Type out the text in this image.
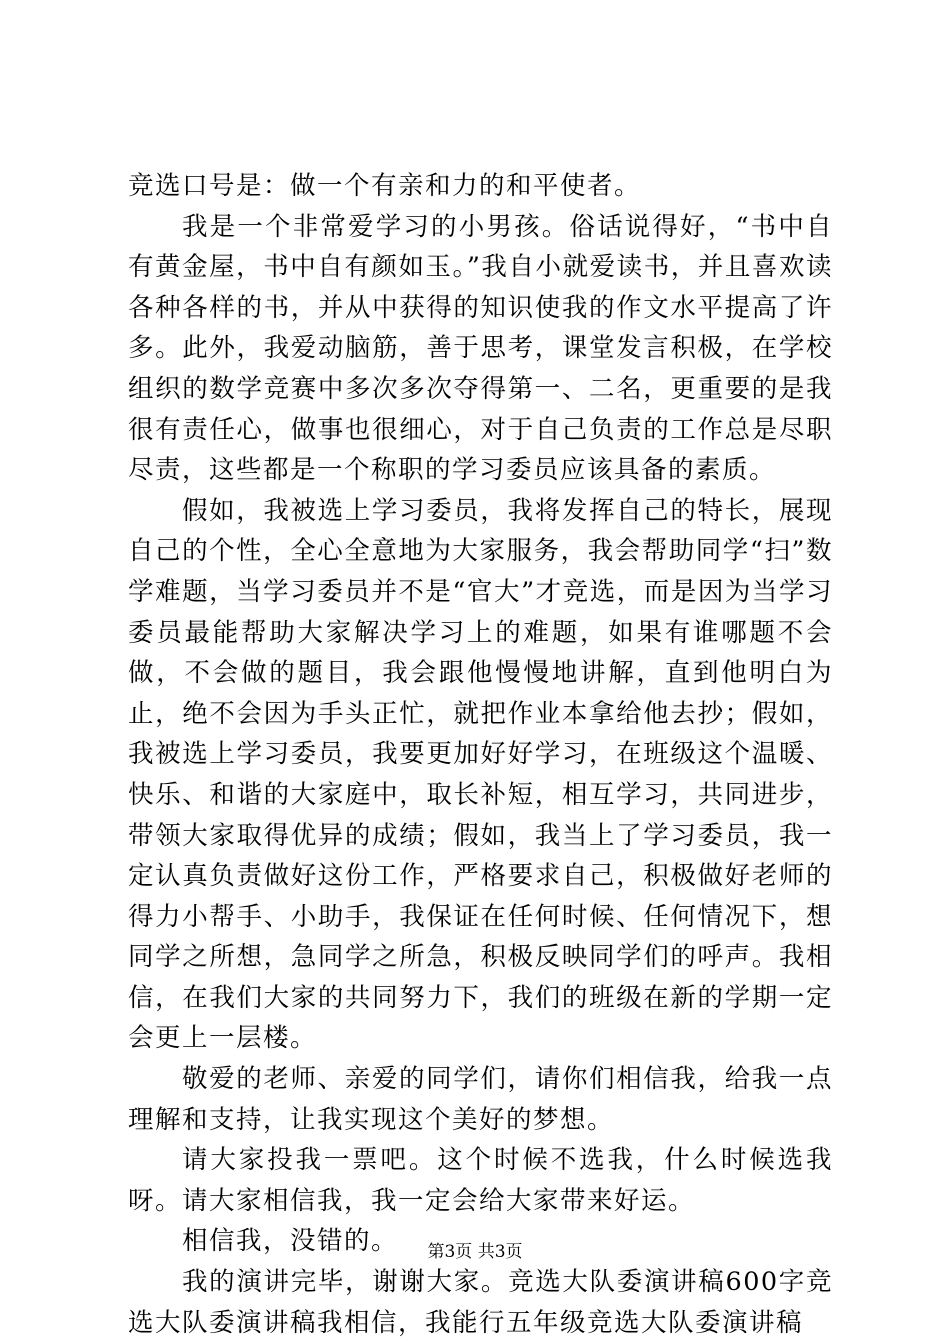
竞选口号是：做一个有亲和力的和平使者。

我是一个非常爱学习的小男孩。俗话说得好，“书中自有黄金屋，书中自有颜如玉。”我自小就爱读书，并且喜欢读各种各样的书，并从中获得的知识使我的作文水平提高了许多。此外，我爱动脑筋，善于思考，课堂发言积极，在学校组织的数学竞赛中多次多次夺得第一、二名，更重要的是我很有责任心，做事也很细心，对于自己负责的工作总是尽职尽责，这些都是一个称职的学习委员应该具备的素质。

假如，我被选上学习委员，我将发挥自己的特长，展现自己的个性，全心全意地为大家服务，我会帮助同学“扫”数学难题，当学习委员并不是“官大”才竞选，而是因为当学习委员最能帮助大家解决学习上的难题，如果有谁哪题不会做，不会做的题目，我会跟他慢慢地讲解，直到他明白为止，绝不会因为手头正忙，就把作业本拿给他去抄；假如，我被选上学习委员，我要更加好好学习，在班级这个温暖、快乐、和谐的大家庭中，取长补短，相互学习，共同进步，带领大家取得优异的成绩；假如，我当上了学习委员，我一定认真负责做好这份工作，严格要求自己，积极做好老师的得力小帮手、小助手，我保证在任何时候、任何情况下，想同学之所想，急同学之所急，积极反映同学们的呼声。我相信，在我们大家的共同努力下，我们的班级在新的学期一定会更上一层楼。

敬爱的老师、亲爱的同学们，请你们相信我，给我一点理解和支持，让我实现这个美好的梦想。

请大家投我一票吧。这个时候不选我，什么时候选我呀。请大家相信我，我一定会给大家带来好运。

相信我，没错的。

我的演讲完毕，谢谢大家。竞选大队委演讲稿600字竞选大队委演讲稿我相信，我能行五年级竞选大队委演讲稿

第3页 共3页
